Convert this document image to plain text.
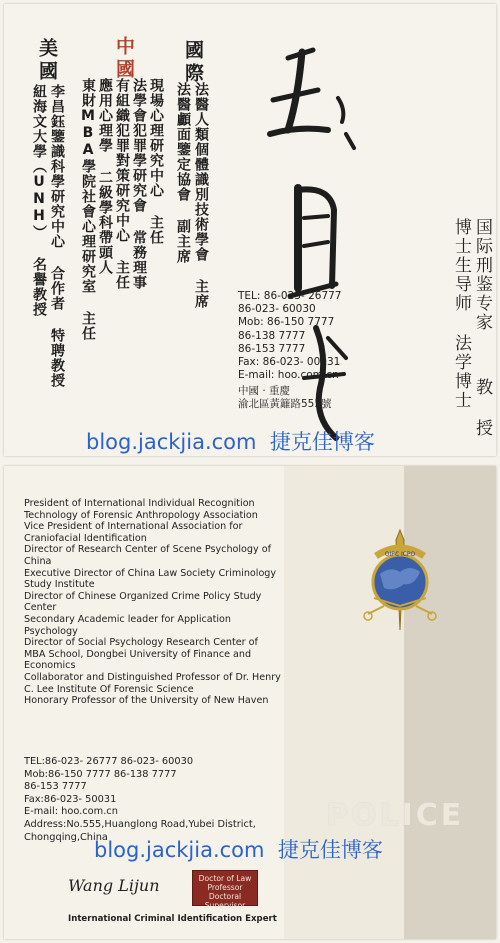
國際
法醫人類個體識別技術學會 主席
法醫顱面鑒定協會 副主席
中國
現場心理研究中心 主任
法學會犯罪學研究會 常務理事
有組織犯罪對策研究中心 主任
應用心理學 二級學科帶頭人
東財MBA學院社會心理研究室 主任
美國
李昌鈺鑒識科學研究中心 合作者 特聘教授
紐海文大學（UNH） 名譽教授	国际刑鉴专家
博士生导师
法学博士 教 授
TEL: 86-023- 26777
86-023- 60030
Mob: 86-150 7777
86-138 7777
86-153 7777
Fax: 86-023- 00031
E-mail: hoo.com.cn
中國 · 重慶
渝北區黃籬路555號
blog.jackjia.com 捷克佳博客
President of International Individual Recognition Technology of Forensic Anthropology Association
Vice President of International Association for Craniofacial Identification
Director of Research Center of Scene Psychology of China
Executive Director of China Law Society Criminology Study Institute
Director of Chinese Organized Crime Policy Study Center
Secondary Academic leader for Application Psychology
Director of Social Psychology Research Center of MBA School, Dongbei University of Finance and Economics
Collaborator and Distinguished Professor of Dr. Henry C. Lee Institute Of Forensic Science
Honorary Professor of the University of New Haven
TEL:86-023- 26777 86-023- 60030
Mob:86-150 7777 86-138 7777
86-153 7777
Fax:86-023- 50031
E-mail: hoo.com.cn
Address:No.555,Huanglong Road,Yubei District,
Chongqing,China
Wang Lijun	Doctor of Law
Professor
Doctoral Supervisor
International Criminal Identification Expert
OIPC ICPO
POLICE
blog.jackjia.com 捷克佳博客
